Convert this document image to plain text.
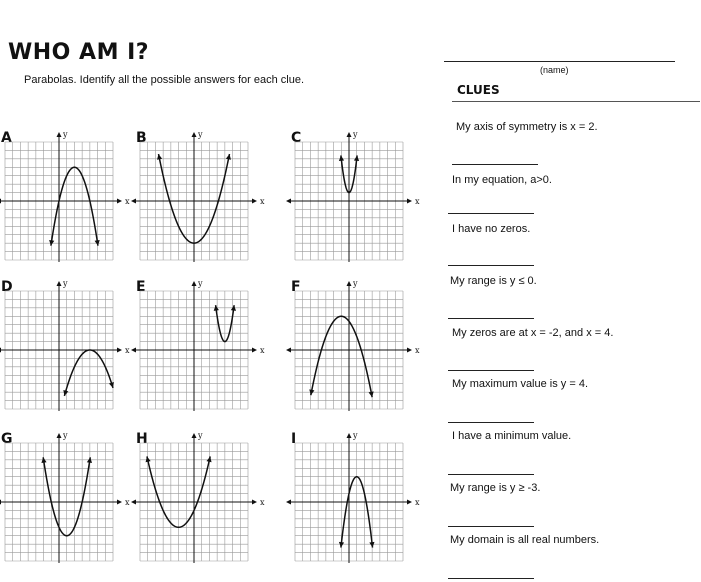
WHO AM I?

Parabolas. Identify all the possible answers for each clue.

(name)
CLUES
My axis of symmetry is x = 2.
In my equation, a>0.
I have no zeros.
My range is y ≤ 0.
My zeros are at x = -2, and x = 4.
My maximum value is y = 4.
I have a minimum value.
My range is y ≥ -3.
My domain is all real numbers.
A
x
y	B
x
y	C
x
y
D
x
y	E
x
y	F
x
y
G
x
y	H
x
y	I
x
y
